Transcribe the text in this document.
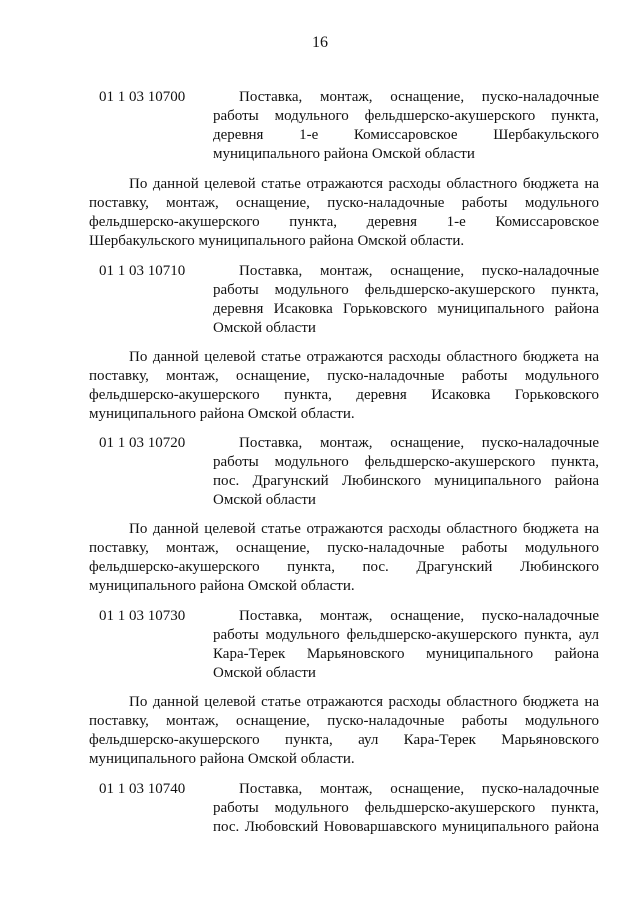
16
01 1 03 10700	Поставка, монтаж, оснащение, пуско-наладочные
работы модульного фельдшерско-акушерского пункта,
деревня 1-е Комиссаровское Шербакульского
муниципального района Омской области
По данной целевой статье отражаются расходы областного бюджета на
поставку, монтаж, оснащение, пуско-наладочные работы модульного
фельдшерско-акушерского пункта, деревня 1-е Комиссаровское
Шербакульского муниципального района Омской области.
01 1 03 10710	Поставка, монтаж, оснащение, пуско-наладочные
работы модульного фельдшерско-акушерского пункта,
деревня Исаковка Горьковского муниципального района
Омской области
По данной целевой статье отражаются расходы областного бюджета на
поставку, монтаж, оснащение, пуско-наладочные работы модульного
фельдшерско-акушерского пункта, деревня Исаковка Горьковского
муниципального района Омской области.
01 1 03 10720	Поставка, монтаж, оснащение, пуско-наладочные
работы модульного фельдшерско-акушерского пункта,
пос. Драгунский Любинского муниципального района
Омской области
По данной целевой статье отражаются расходы областного бюджета на
поставку, монтаж, оснащение, пуско-наладочные работы модульного
фельдшерско-акушерского пункта, пос. Драгунский Любинского
муниципального района Омской области.
01 1 03 10730	Поставка, монтаж, оснащение, пуско-наладочные
работы модульного фельдшерско-акушерского пункта, аул
Кара-Терек Марьяновского муниципального района
Омской области
По данной целевой статье отражаются расходы областного бюджета на
поставку, монтаж, оснащение, пуско-наладочные работы модульного
фельдшерско-акушерского пункта, аул Кара-Терек Марьяновского
муниципального района Омской области.
01 1 03 10740	Поставка, монтаж, оснащение, пуско-наладочные
работы модульного фельдшерско-акушерского пункта,
пос. Любовский Нововаршавского муниципального района
